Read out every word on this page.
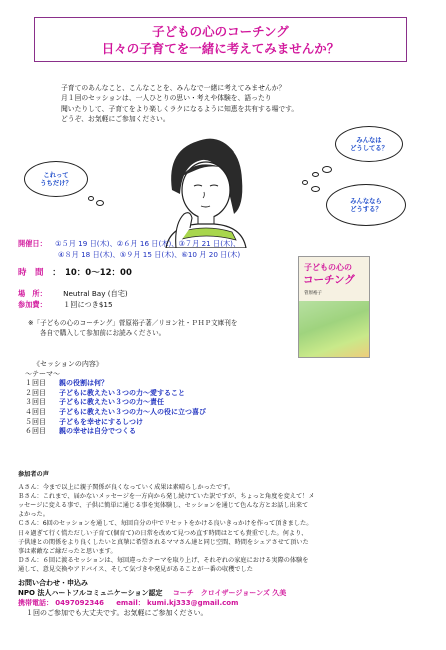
子どもの心のコーチング
日々の子育てを一緒に考えてみませんか？
子育てのあんなこと、こんなことを、みんなで一緒に考えてみませんか？
月１回のセッションは、一人ひとりの思い・考えや体験を、語ったり
聞いたりして、子育てをより楽しくラクになるように知恵を共有する場です。
どうぞ、お気軽にご参加ください。
これって
うちだけ？
みんなは
どうしてる？
みんななら
どうする？
開催日： ①５月 19 日(木)、②６月 16 日(木)、③７月 21 日(木)、
④８月 18 日(木)、⑤９月 15 日(木)、⑥10 月 20 日(木)
時　間 ：　10：0～12：00
場　所： Neutral Bay (自宅)
参加費： １回につき$15
※「子どもの心のコーチング」菅原裕子著／リヨン社・ＰＨＰ文庫刊を
各自で購入して参加前にお読みください。
子どもの心の
コーチング
菅原裕子
《セッションの内容》
～テーマ～
１回目 親の役割は何？
２回目 子どもに教えたい３つの力～愛すること
３回目 子どもに教えたい３つの力～責任
４回目 子どもに教えたい３つの力～人の役に立つ喜び
５回目 子どもを幸せにするしつけ
６回目 親の幸せは自分でつくる
参加者の声
Ａさん：今まで以上に親子関係が良くなっていく成果は素晴らしかったです。
Ｂさん：これまで、届かないメッセージを一方向から発し続けていた訳ですが、ちょっと角度を変えて！メ
ッセージに変える事で、子供に簡単に通じる事を実体験し、セッションを通じて色んな方とお話し出来て
よかった。
Ｃさん：6回のセッションを通して、毎回自分の中でリセットをかける良いきっかけを作って頂きました。
日々過ぎて行く慌ただしい子育て(個育て)の日常を改めて見つめ直す時間はとても貴重でした。何より、
子供達との関係をより良くしたいと真摯に希望されるママさん達と同じ空間、時間をシェアさせて頂いた
事は素敵なご縁だったと思います。
Ｄさん：６回に渡るセッションは、毎回違ったテーマを取り上げ、それぞれの家庭における実際の体験を
通して、意見交換やアドバイス、そして気づきや発見があることが一番の収穫でした
お問い合わせ・申込み
NPO 法人ハートフルコミュニケーション認定 コーチ　クロイザージョーンズ 久美
携帯電話： 0497092346 email： kumi.kj333@gmail.com
１回のご参加でも大丈夫です。お気軽にご参加ください。
